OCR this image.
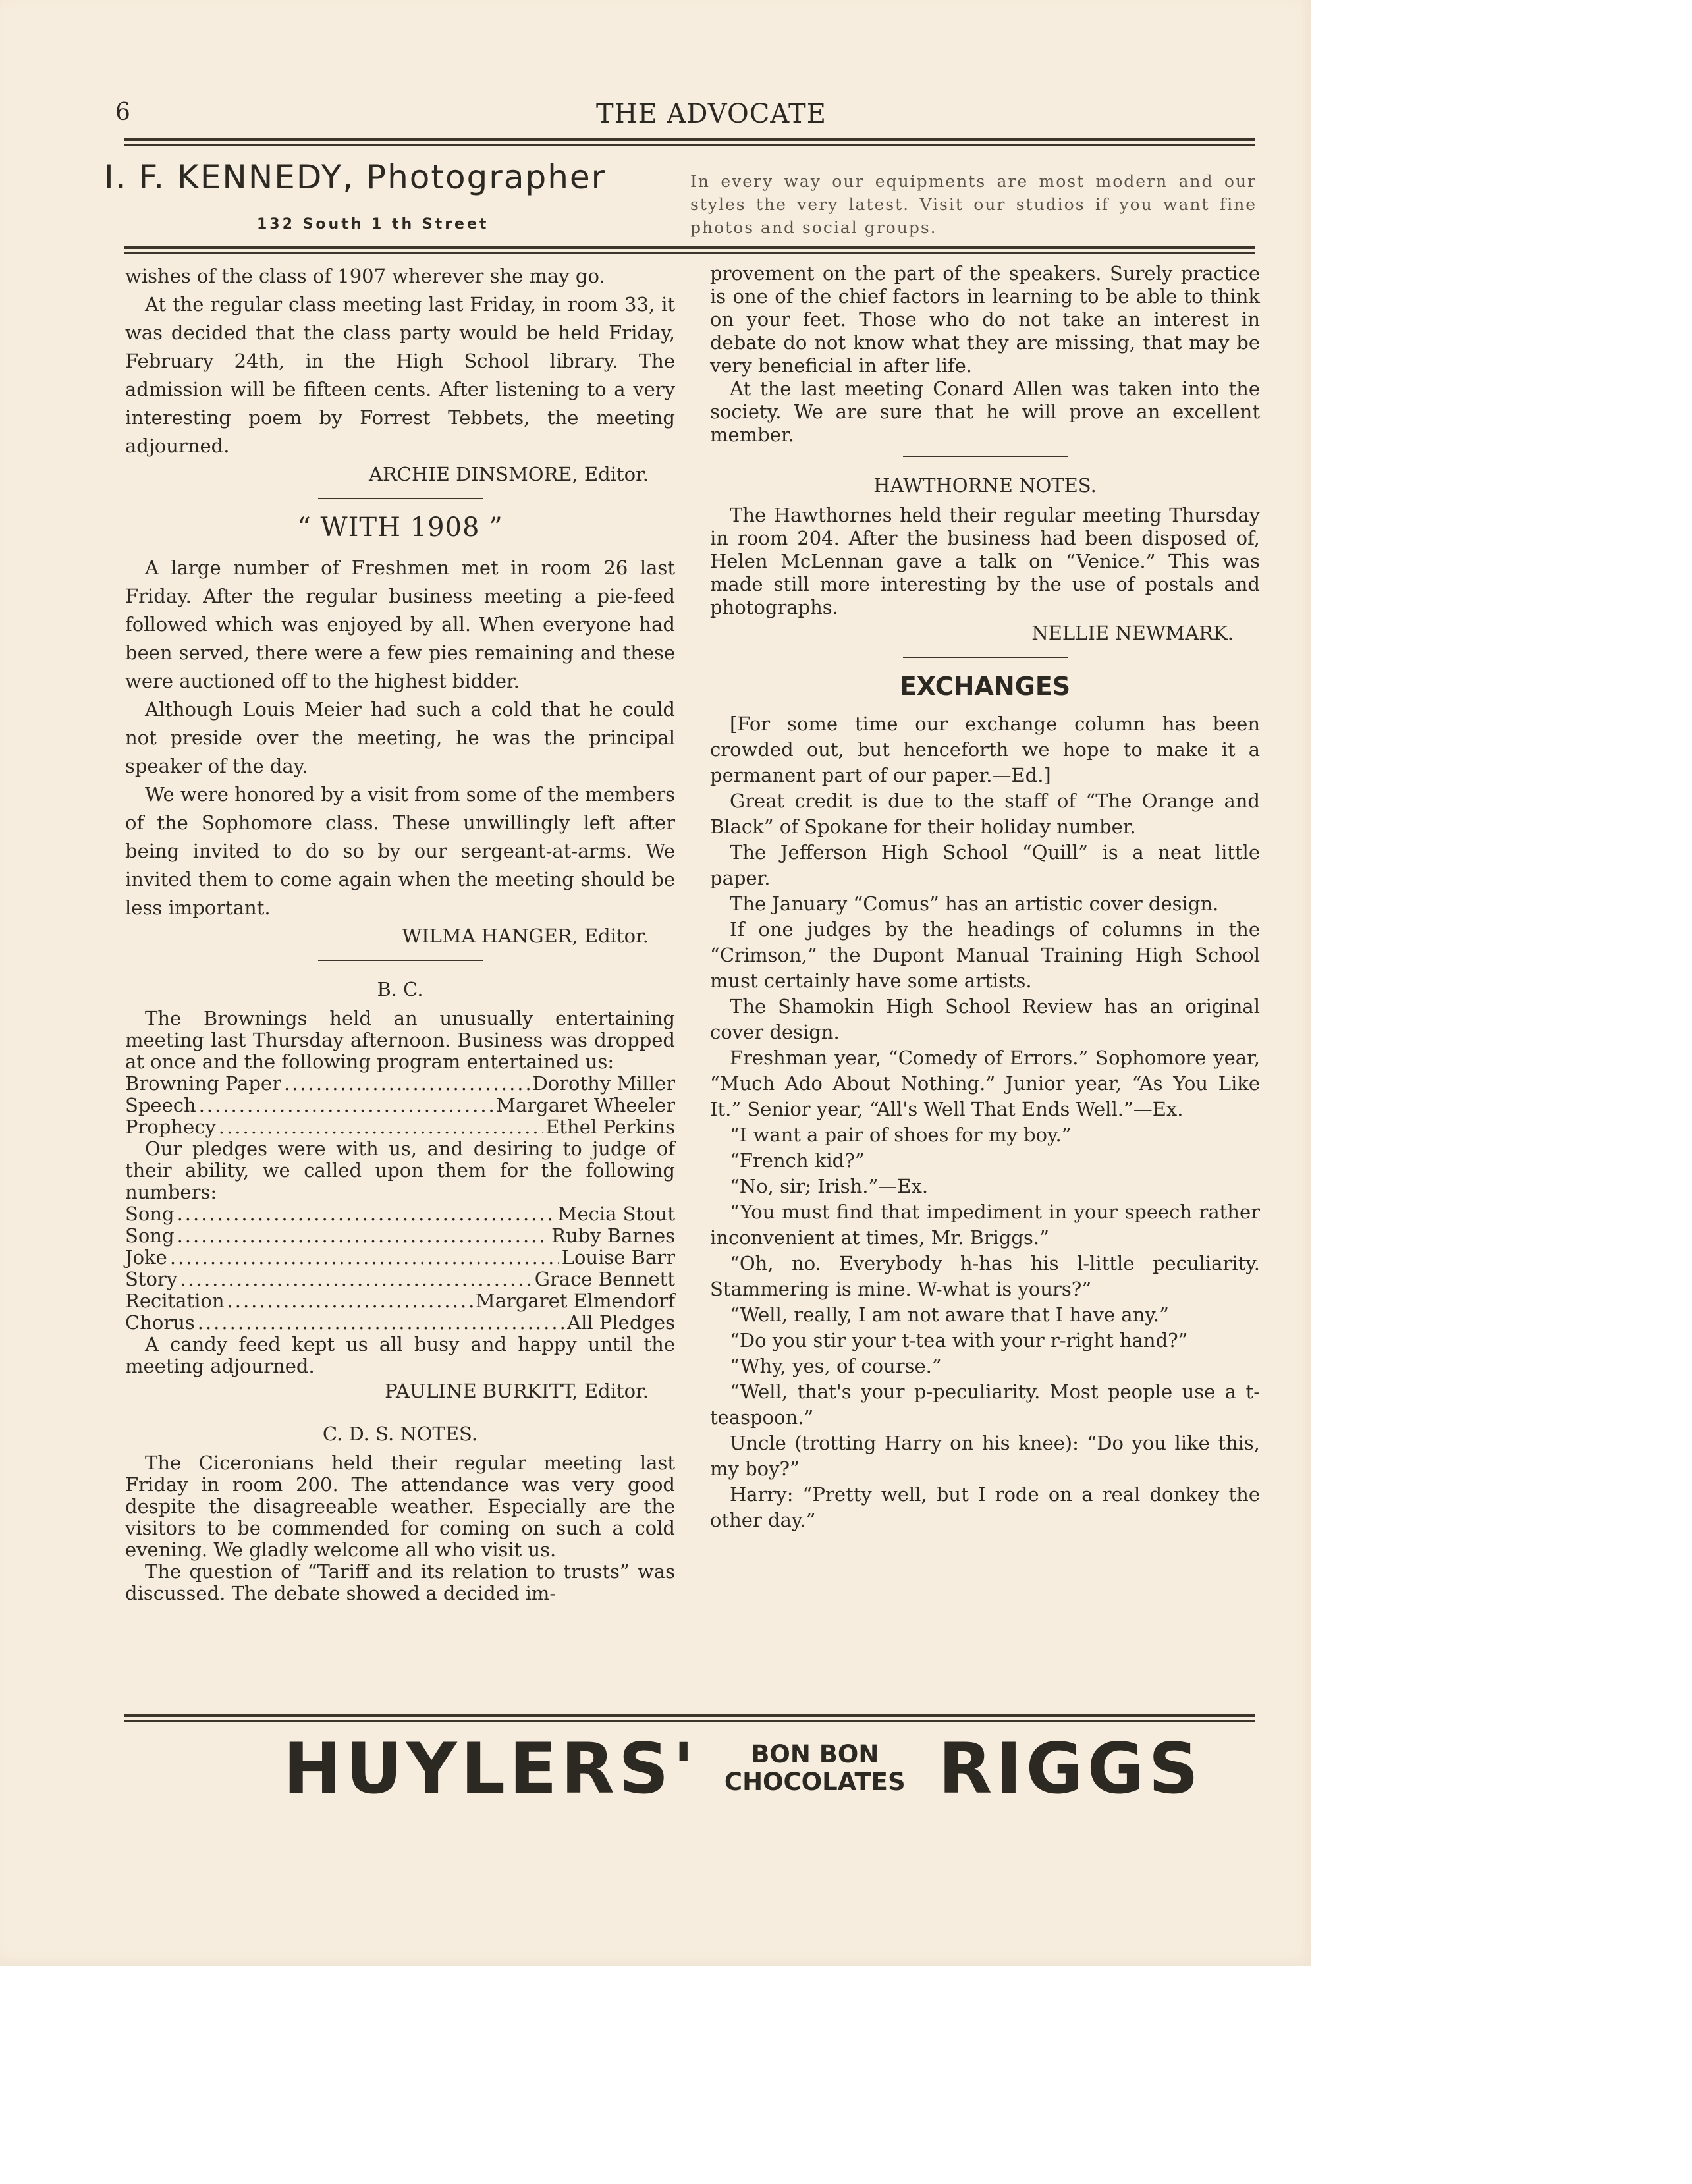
6	THE ADVOCATE
I. F. KENNEDY, Photographer
132 South 1 th Street
In every way our equipments are most modern and our styles the very latest. Visit our studios if you want fine photos and social groups.

wishes of the class of 1907 wherever she may go.

At the regular class meeting last Friday, in room 33, it was decided that the class party would be held Friday, February 24th, in the High School library. The admission will be fifteen cents. After listening to a very interesting poem by Forrest Tebbets, the meeting adjourned.

ARCHIE DINSMORE, Editor.
“ WITH 1908 ”

A large number of Freshmen met in room 26 last Friday. After the regular business meeting a pie-feed followed which was enjoyed by all. When everyone had been served, there were a few pies remaining and these were auctioned off to the highest bidder.

Although Louis Meier had such a cold that he could not preside over the meeting, he was the principal speaker of the day.

We were honored by a visit from some of the members of the Sophomore class. These unwillingly left after being invited to do so by our sergeant-at-arms. We invited them to come again when the meeting should be less important.

WILMA HANGER, Editor.
B. C.

The Brownings held an unusually entertaining meeting last Thursday afternoon. Business was dropped at once and the following program entertained us:

Browning Paper .....	Dorothy Miller
Speech .....	Margaret Wheeler
Prophecy .....	Ethel Perkins

Our pledges were with us, and desiring to judge of their ability, we called upon them for the following numbers:

Song .....	Mecia Stout
Song .....	Ruby Barnes
Joke .....	Louise Barr
Story .....	Grace Bennett
Recitation .....	Margaret Elmendorf
Chorus .....	All Pledges

A candy feed kept us all busy and happy until the meeting adjourned.

PAULINE BURKITT, Editor.
C. D. S. NOTES.

The Ciceronians held their regular meeting last Friday in room 200. The attendance was very good despite the disagreeable weather. Especially are the visitors to be commended for coming on such a cold evening. We gladly welcome all who visit us.

The question of “Tariff and its relation to trusts” was discussed. The debate showed a decided im-

provement on the part of the speakers. Surely practice is one of the chief factors in learning to be able to think on your feet. Those who do not take an interest in debate do not know what they are missing, that may be very beneficial in after life.

At the last meeting Conard Allen was taken into the society. We are sure that he will prove an excellent member.

HAWTHORNE NOTES.

The Hawthornes held their regular meeting Thursday in room 204. After the business had been disposed of, Helen McLennan gave a talk on “Venice.” This was made still more interesting by the use of postals and photographs.

NELLIE NEWMARK.
EXCHANGES

[For some time our exchange column has been crowded out, but henceforth we hope to make it a permanent part of our paper.—Ed.]

Great credit is due to the staff of “The Orange and Black” of Spokane for their holiday number.

The Jefferson High School “Quill” is a neat little paper.

The January “Comus” has an artistic cover design.

If one judges by the headings of columns in the “Crimson,” the Dupont Manual Training High School must certainly have some artists.

The Shamokin High School Review has an original cover design.

Freshman year, “Comedy of Errors.” Sophomore year, “Much Ado About Nothing.” Junior year, “As You Like It.” Senior year, “All's Well That Ends Well.”—Ex.

“I want a pair of shoes for my boy.”

“French kid?”

“No, sir; Irish.”—Ex.

“You must find that impediment in your speech rather inconvenient at times, Mr. Briggs.”

“Oh, no. Everybody h-has his l-little peculiarity. Stammering is mine. W-what is yours?”

“Well, really, I am not aware that I have any.”

“Do you stir your t-tea with your r-right hand?”

“Why, yes, of course.”

“Well, that's your p-peculiarity. Most people use a t-teaspoon.”

Uncle (trotting Harry on his knee): “Do you like this, my boy?”

Harry: “Pretty well, but I rode on a real donkey the other day.”

HUYLERS'	BON BON
CHOCOLATES RIGGS
